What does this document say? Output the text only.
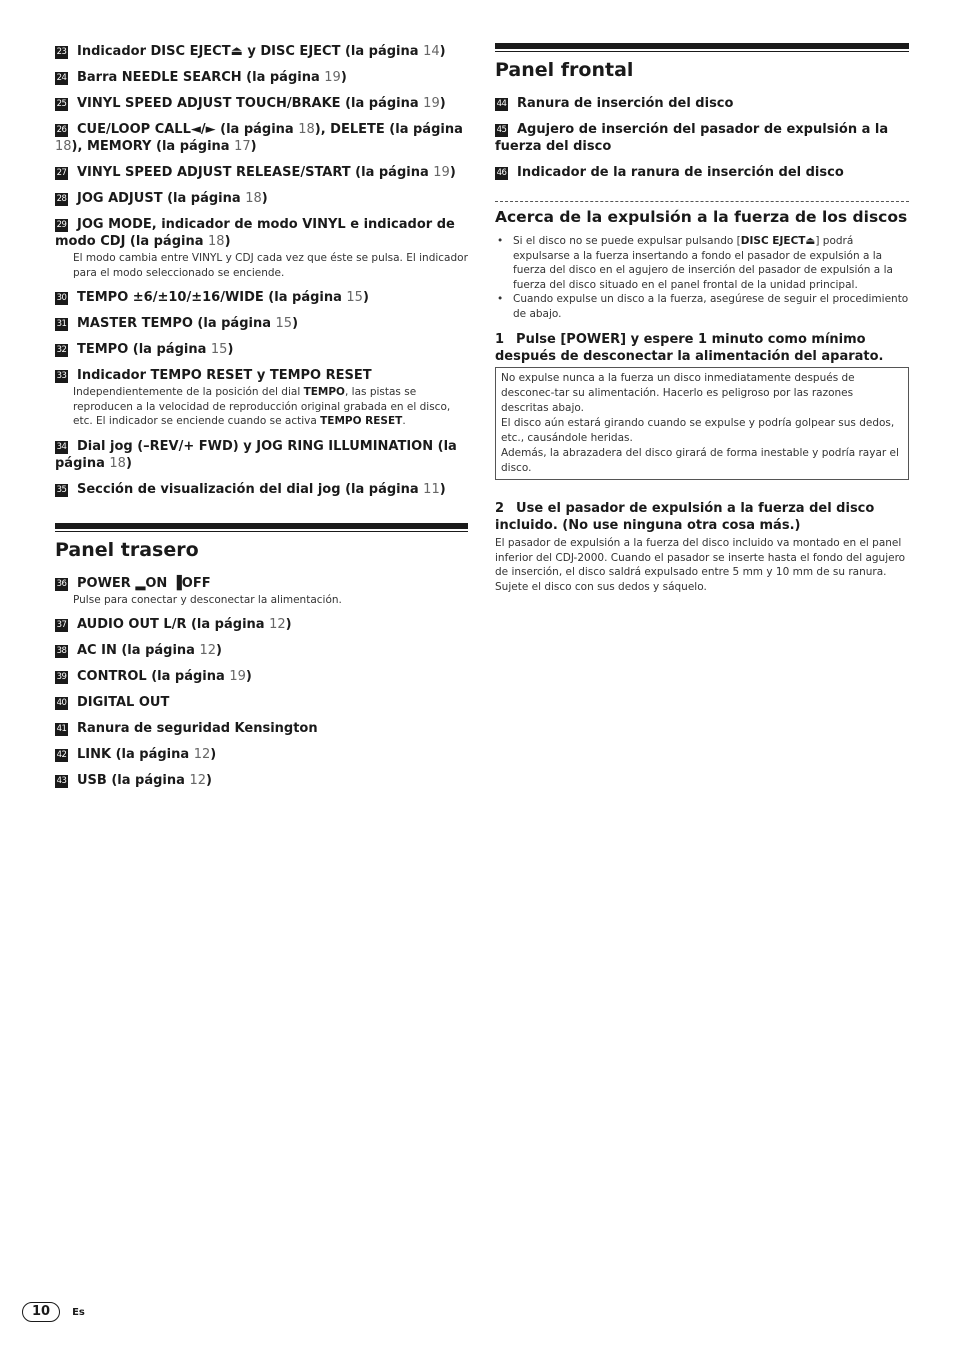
23 Indicador DISC EJECT⏏ y DISC EJECT (la página 14)
24 Barra NEEDLE SEARCH (la página 19)
25 VINYL SPEED ADJUST TOUCH/BRAKE (la página 19)
26 CUE/LOOP CALL◄/► (la página 18), DELETE (la página 18), MEMORY (la página 17)
27 VINYL SPEED ADJUST RELEASE/START (la página 19)
28 JOG ADJUST (la página 18)
29 JOG MODE, indicador de modo VINYL e indicador de modo CDJ (la página 18)
El modo cambia entre VINYL y CDJ cada vez que éste se pulsa. El indicador para el modo seleccionado se enciende.
30 TEMPO ±6/±10/±16/WIDE (la página 15)
31 MASTER TEMPO (la página 15)
32 TEMPO (la página 15)
33 Indicador TEMPO RESET y TEMPO RESET
Independientemente de la posición del dial TEMPO, las pistas se reproducen a la velocidad de reproducción original grabada en el disco, etc. El indicador se enciende cuando se activa TEMPO RESET.
34 Dial jog (–REV/+ FWD) y JOG RING ILLUMINATION (la página 18)
35 Sección de visualización del dial jog (la página 11)
Panel trasero
36 POWER ▂ON ▐OFF
Pulse para conectar y desconectar la alimentación.
37 AUDIO OUT L/R (la página 12)
38 AC IN (la página 12)
39 CONTROL (la página 19)
40 DIGITAL OUT
41 Ranura de seguridad Kensington
42 LINK (la página 12)
43 USB (la página 12)
Panel frontal
44 Ranura de inserción del disco
45 Agujero de inserción del pasador de expulsión a la fuerza del disco
46 Indicador de la ranura de inserción del disco
Acerca de la expulsión a la fuerza de los discos
• Si el disco no se puede expulsar pulsando [DISC EJECT⏏] podrá expulsarse a la fuerza insertando a fondo el pasador de expulsión a la fuerza del disco en el agujero de inserción del pasador de expulsión a la fuerza del disco situado en el panel frontal de la unidad principal.
• Cuando expulse un disco a la fuerza, asegúrese de seguir el procedimiento de abajo.
1 Pulse [POWER] y espere 1 minuto como mínimo después de desconectar la alimentación del aparato.
No expulse nunca a la fuerza un disco inmediatamente después de desconec-tar su alimentación. Hacerlo es peligroso por las razones descritas abajo.
El disco aún estará girando cuando se expulse y podría golpear sus dedos, etc., causándole heridas.
Además, la abrazadera del disco girará de forma inestable y podría rayar el disco.
2 Use el pasador de expulsión a la fuerza del disco incluido. (No use ninguna otra cosa más.)
El pasador de expulsión a la fuerza del disco incluido va montado en el panel inferior del CDJ-2000. Cuando el pasador se inserte hasta el fondo del agujero de inserción, el disco saldrá expulsado entre 5 mm y 10 mm de su ranura. Sujete el disco con sus dedos y sáquelo.
10 Es
